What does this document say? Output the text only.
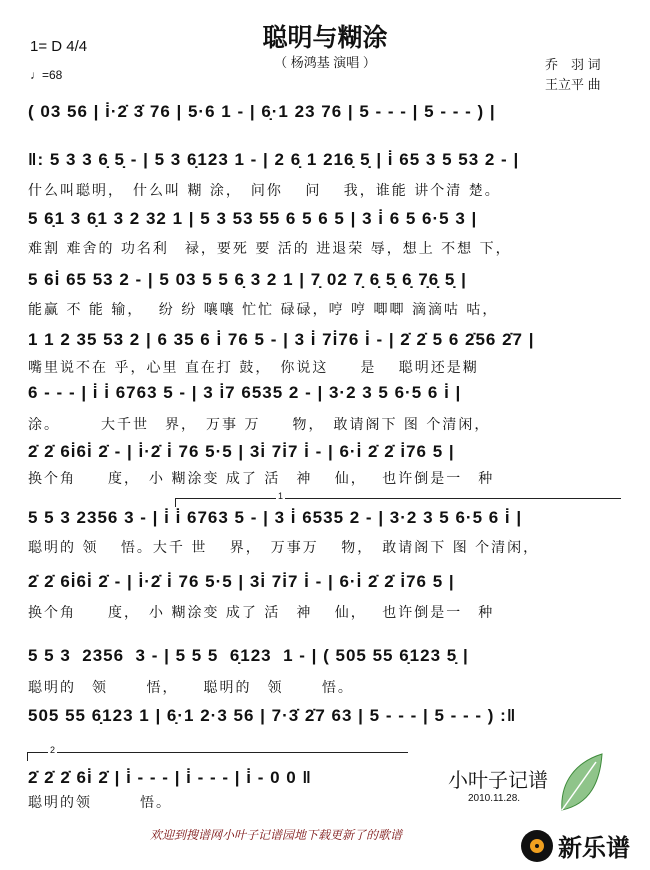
聪明与糊涂
（ 杨鸿基 演唱 ）
1= D 4/4
♩=68
乔　羽 词
王立平 曲
( 03 56 | i̇·2̇ 3̇ 76 | 5·6 1 - | 6̣·1 23 76 | 5 - - - | 5 - - - ) |
‖: 5 3 3 6̣ 5̣ - | 5 3 6̣123 1 - | 2 6̣ 1 216̣ 5̣ | i̇ 65 3 5 53 2 - |
什么叫聪明，　什么叫 糊 涂，　问你　 问　 我，谁能 讲个清 楚。
5 6̣1 3 6̣1 3 2 32 1 | 5 3 53 55 6 5 6 5 | 3 i̇ 6 5 6·5 3 |
难割 难舍的 功名利　禄，要死 要 活的 进退荣 辱，想上 不想 下，
5 6i̇ 65 53 2 - | 5 03 5 5 6̣ 3 2 1 | 7̣ 02 7̣ 6̣ 5̣ 6̣ 7̣6̣ 5̣ |
能赢 不 能 输，　 纷 纷 嚷嚷 忙忙 碌碌，哼 哼 唧唧 滴滴咕 咕，
1 1 2 35 53 2 | 6 35 6 i̇ 76 5 - | 3 i̇ 7i̇76 i̇ - | 2̇ 2̇ 5 6 2̇56 2̇7 |
嘴里说不在 乎，心里 直在打 鼓，　你说这　　是　 聪明还是糊
6 - - - | i̇ i̇ 6763 5 - | 3 i̇7 6535 2 - | 3·2 3 5 6·5 6 i̇ |
涂。　　　大千世　界，　万事 万　　物，　敢请阁下 图 个清闲，
2̇ 2̇ 6i̇6i̇ 2̇ - | i̇·2̇ i̇ 76 5·5 | 3i̇ 7i̇7 i̇ - | 6·i̇ 2̇ 2̇ i̇76 5 |
换个角　　度，　小 糊涂变 成了 活　神　 仙，　 也许倒是一　种
1
5 5 3 2356 3 - | i̇ i̇ 6763 5 - | 3 i̇ 6535 2 - | 3·2 3 5 6·5 6 i̇ |
聪明的 领　 悟。大千 世　 界，　万事万　 物，　敢请阁下 图 个清闲，
2̇ 2̇ 6i̇6i̇ 2̇ - | i̇·2̇ i̇ 76 5·5 | 3i̇ 7i̇7 i̇ - | 6·i̇ 2̇ 2̇ i̇76 5 |
换个角　　度，　小 糊涂变 成了 活　神　 仙，　 也许倒是一　种
5 5 3  2356  3 - | 5 5 5  6̣123  1 - | ( 505 55 6̣123 5̣ |
聪明的　领　　 悟，　　聪明的　领　　 悟。
505 55 6̣123 1 | 6̣·1 2·3 56 | 7·3̇ 2̇7 63 | 5 - - - | 5 - - - ) :‖
2
2̇ 2̇ 2̇ 6i̇ 2̇ | i̇ - - - | i̇ - - - | i̇ - 0 0 ‖
聪明的领　　　悟。
小叶子记谱
2010.11.28.
欢迎到搜谱网小叶子记谱园地下载更新了的歌谱	新乐谱
